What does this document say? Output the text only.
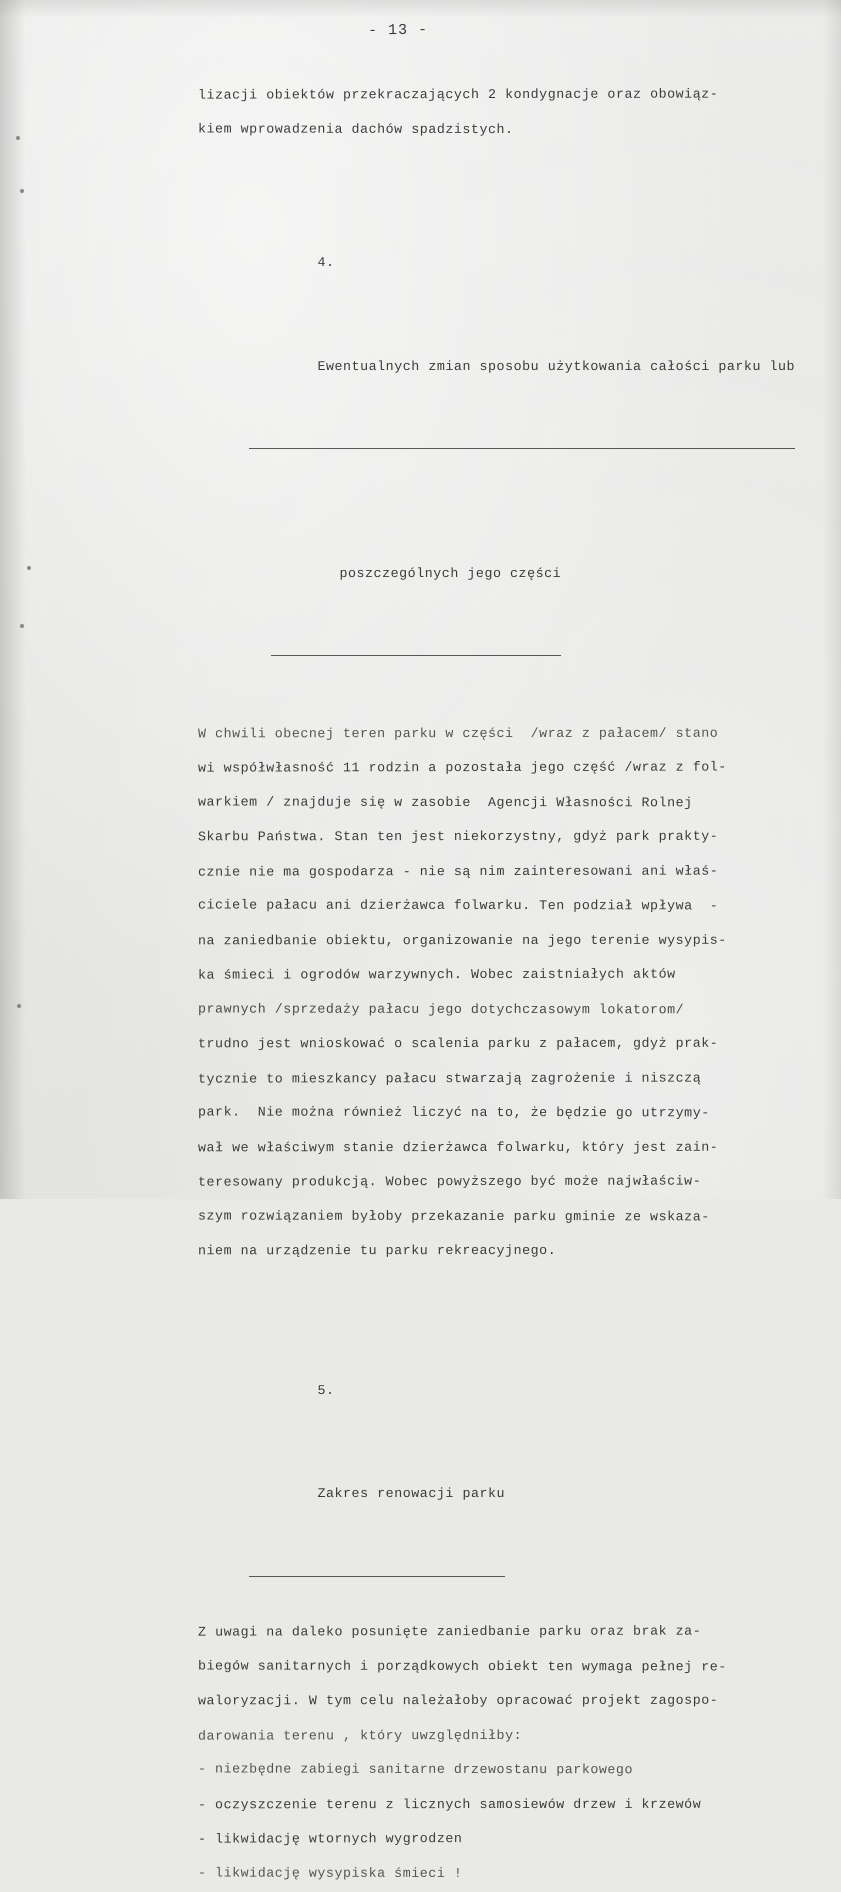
- 13 -
lizacji obiektów przekraczających 2 kondygnacje oraz obowiąz-
kiem wprowadzenia dachów spadzistych.

4.

Ewentualnych zmian sposobu użytkowania całości parku lub

poszczególnych jego części

W chwili obecnej teren parku w części  /wraz z pałacem/ stano
wi współwłasność 11 rodzin a pozostała jego część /wraz z fol-
warkiem / znajduje się w zasobie  Agencji Własności Rolnej
Skarbu Państwa. Stan ten jest niekorzystny, gdyż park prakty-
cznie nie ma gospodarza - nie są nim zainteresowani ani właś-
ciciele pałacu ani dzierżawca folwarku. Ten podział wpływa  -
na zaniedbanie obiektu, organizowanie na jego terenie wysypis-
ka śmieci i ogrodów warzywnych. Wobec zaistniałych aktów
prawnych /sprzedaży pałacu jego dotychczasowym lokatorom/
trudno jest wnioskować o scalenia parku z pałacem, gdyż prak-
tycznie to mieszkancy pałacu stwarzają zagrożenie i niszczą
park.  Nie można również liczyć na to, że będzie go utrzymy-
wał we właściwym stanie dzierżawca folwarku, który jest zain-
teresowany produkcją. Wobec powyższego być może najwłaściw-
szym rozwiązaniem byłoby przekazanie parku gminie ze wskaza-
niem na urządzenie tu parku rekreacyjnego.

5.

Zakres renowacji parku

Z uwagi na daleko posunięte zaniedbanie parku oraz brak za-
biegów sanitarnych i porządkowych obiekt ten wymaga pełnej re-
waloryzacji. W tym celu należałoby opracować projekt zagospo-
darowania terenu , który uwzględniłby:
- niezbędne zabiegi sanitarne drzewostanu parkowego
- oczyszczenie terenu z licznych samosiewów drzew i krzewów
- likwidację wtornych wygrodzen
- likwidację wysypiska śmieci !
